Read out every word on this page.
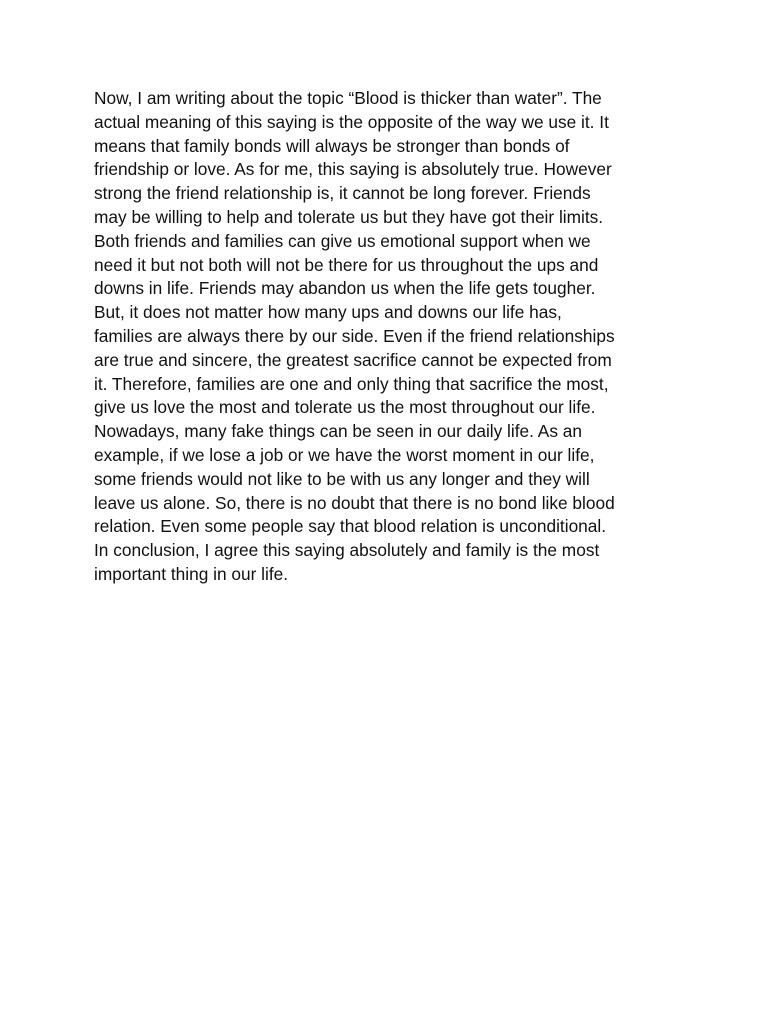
Now, I am writing about the topic “Blood is thicker than water”. The
actual meaning of this saying is the opposite of the way we use it. It
means that family bonds will always be stronger than bonds of
friendship or love. As for me, this saying is absolutely true. However
strong the friend relationship is, it cannot be long forever. Friends
may be willing to help and tolerate us but they have got their limits.
Both friends and families can give us emotional support when we
need it but not both will not be there for us throughout the ups and
downs in life. Friends may abandon us when the life gets tougher.
But, it does not matter how many ups and downs our life has,
families are always there by our side. Even if the friend relationships
are true and sincere, the greatest sacrifice cannot be expected from
it. Therefore, families are one and only thing that sacrifice the most,
give us love the most and tolerate us the most throughout our life.
Nowadays, many fake things can be seen in our daily life. As an
example, if we lose a job or we have the worst moment in our life,
some friends would not like to be with us any longer and they will
leave us alone. So, there is no doubt that there is no bond like blood
relation. Even some people say that blood relation is unconditional.
In conclusion, I agree this saying absolutely and family is the most
important thing in our life.
